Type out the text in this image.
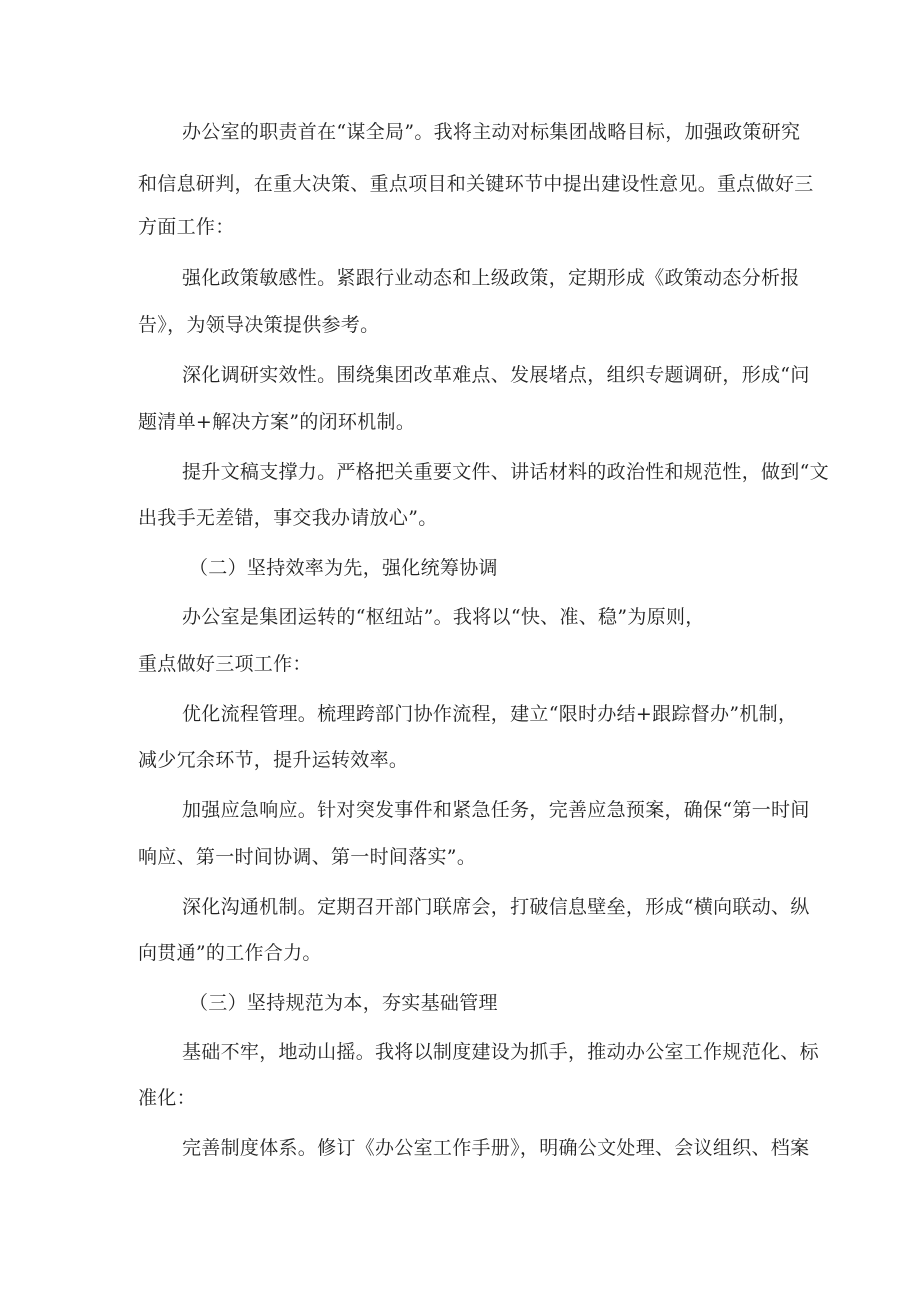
办公室的职责首在“谋全局”。我将主动对标集团战略目标，加强政策研究

和信息研判，在重大决策、重点项目和关键环节中提出建设性意见。重点做好三

方面工作：

强化政策敏感性。紧跟行业动态和上级政策，定期形成《政策动态分析报

告》，为领导决策提供参考。

深化调研实效性。围绕集团改革难点、发展堵点，组织专题调研，形成“问

题清单+解决方案”的闭环机制。

提升文稿支撑力。严格把关重要文件、讲话材料的政治性和规范性，做到“文

出我手无差错，事交我办请放心”。

（二）坚持效率为先，强化统筹协调

办公室是集团运转的“枢纽站”。我将以“快、准、稳”为原则，

重点做好三项工作：

优化流程管理。梳理跨部门协作流程，建立“限时办结+跟踪督办”机制，

减少冗余环节，提升运转效率。

加强应急响应。针对突发事件和紧急任务，完善应急预案，确保“第一时间

响应、第一时间协调、第一时间落实”。

深化沟通机制。定期召开部门联席会，打破信息壁垒，形成“横向联动、纵

向贯通”的工作合力。

（三）坚持规范为本，夯实基础管理

基础不牢，地动山摇。我将以制度建设为抓手，推动办公室工作规范化、标

准化：

完善制度体系。修订《办公室工作手册》，明确公文处理、会议组织、档案
